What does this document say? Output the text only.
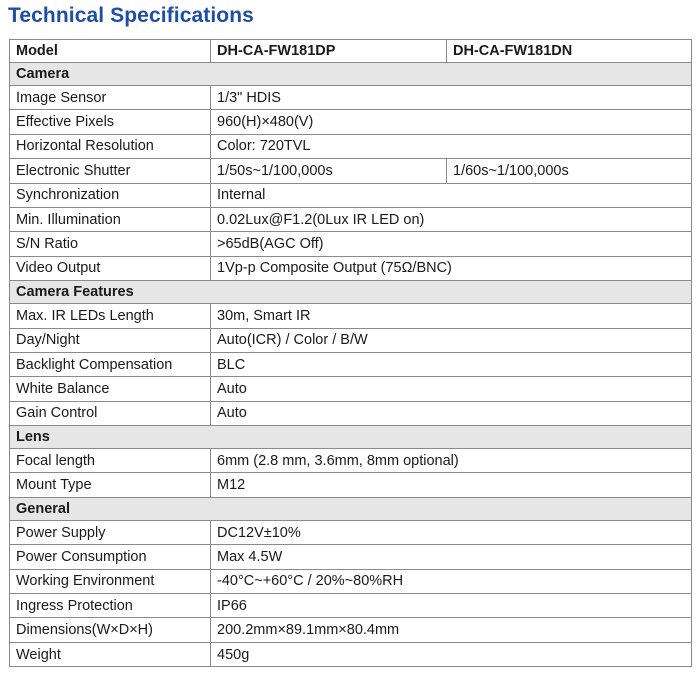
Technical Specifications
Model	DH-CA-FW181DP	DH-CA-FW181DN
Camera		
Image Sensor	1/3" HDIS	
Effective Pixels	960(H)×480(V)	
Horizontal Resolution	Color: 720TVL	
Electronic Shutter	1/50s~1/100,000s	1/60s~1/100,000s
Synchronization	Internal	
Min. Illumination	0.02Lux@F1.2(0Lux IR LED on)	
S/N Ratio	>65dB(AGC Off)	
Video Output	1Vp-p Composite Output (75Ω/BNC)	
Camera Features		
Max. IR LEDs Length	30m, Smart IR	
Day/Night	Auto(ICR) / Color / B/W	
Backlight Compensation	BLC	
White Balance	Auto	
Gain Control	Auto	
Lens		
Focal length	6mm (2.8 mm, 3.6mm, 8mm optional)	
Mount Type	M12	
General		
Power Supply	DC12V±10%	
Power Consumption	Max 4.5W	
Working Environment	-40°C~+60°C / 20%~80%RH	
Ingress Protection	IP66	
Dimensions(W×D×H)	200.2mm×89.1mm×80.4mm	
Weight	450g	
